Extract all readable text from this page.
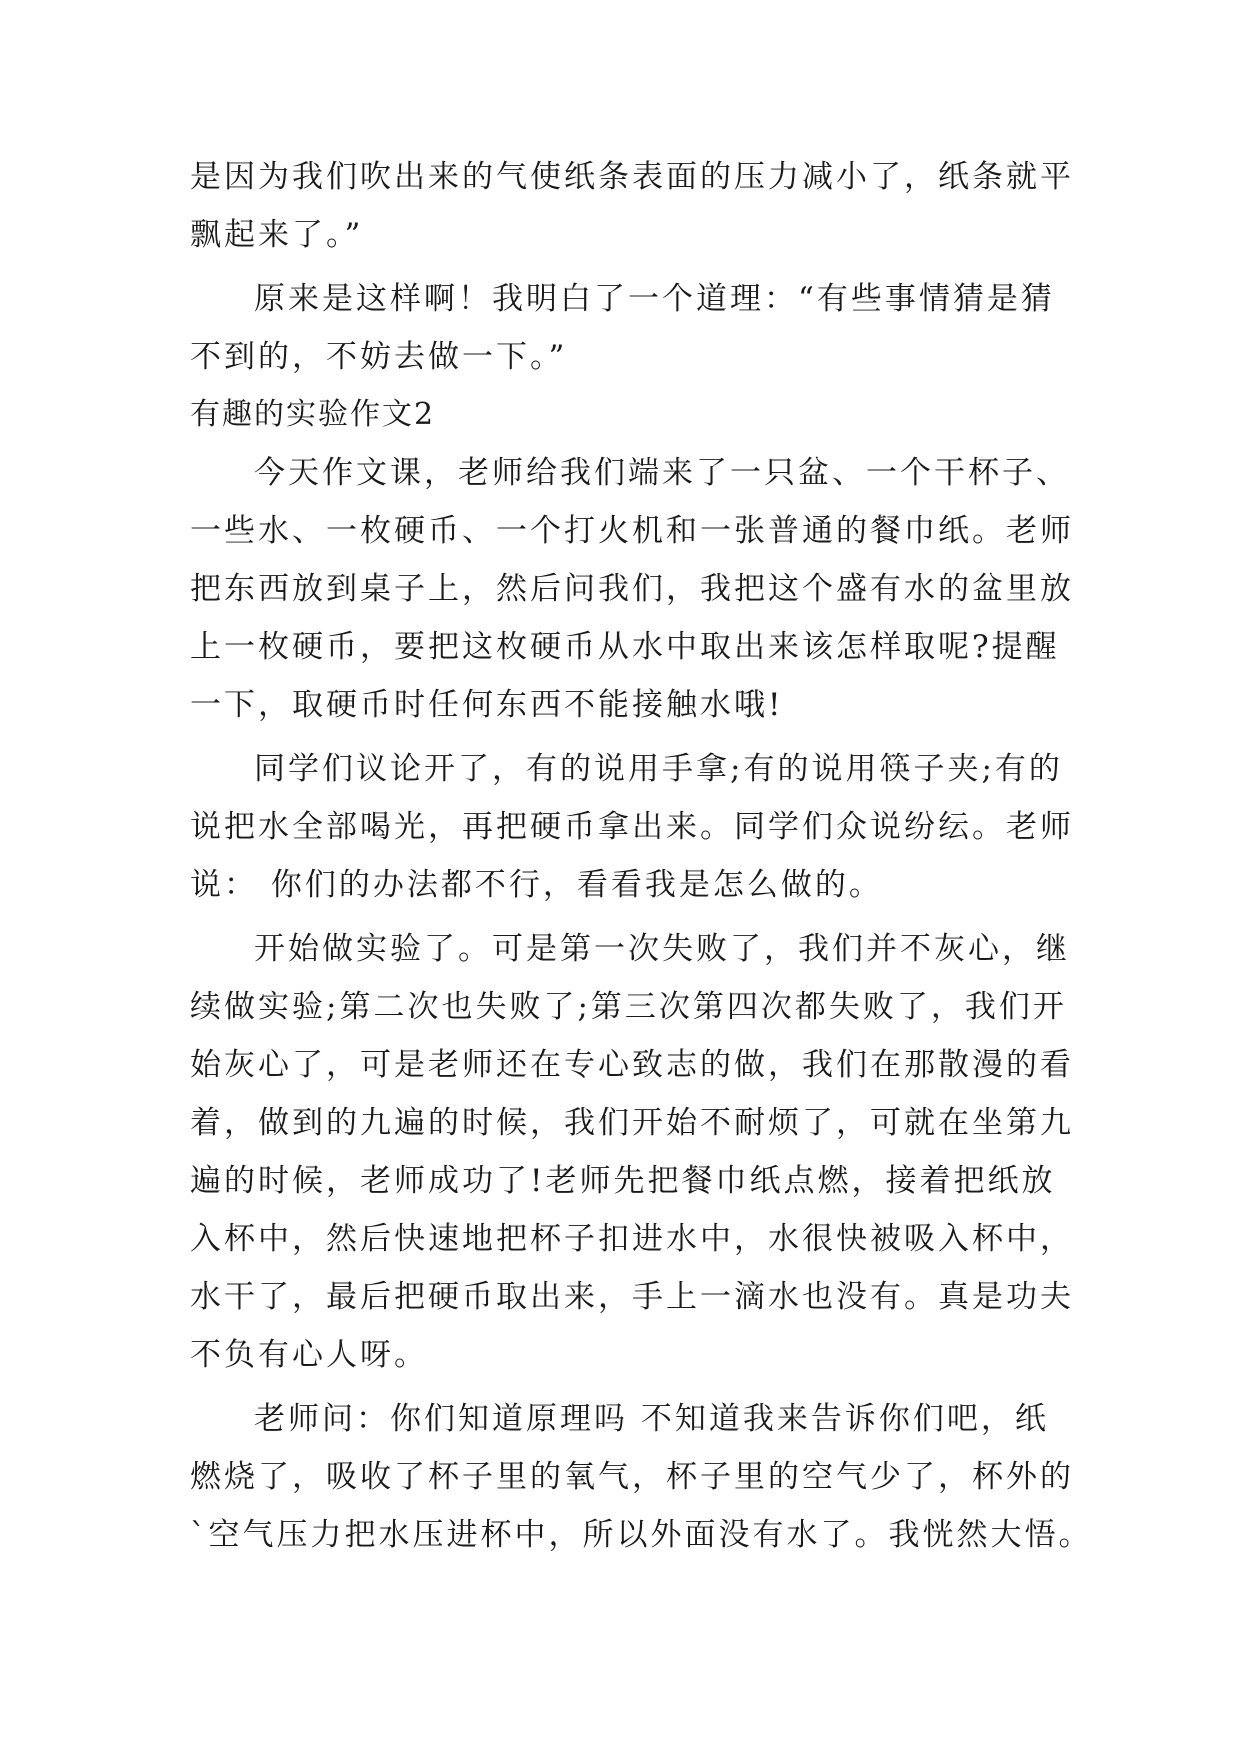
是因为我们吹出来的气使纸条表面的压力减小了，纸条就平
飘起来了。”
原来是这样啊！我明白了一个道理：“有些事情猜是猜
不到的，不妨去做一下。”
有趣的实验作文2
今天作文课，老师给我们端来了一只盆、一个干杯子、
一些水、一枚硬币、一个打火机和一张普通的餐巾纸。老师
把东西放到桌子上，然后问我们，我把这个盛有水的盆里放
上一枚硬币，要把这枚硬币从水中取出来该怎样取呢?提醒
一下，取硬币时任何东西不能接触水哦!
同学们议论开了，有的说用手拿;有的说用筷子夹;有的
说把水全部喝光，再把硬币拿出来。同学们众说纷纭。老师
说： 你们的办法都不行，看看我是怎么做的。
开始做实验了。可是第一次失败了，我们并不灰心，继
续做实验;第二次也失败了;第三次第四次都失败了，我们开
始灰心了，可是老师还在专心致志的做，我们在那散漫的看
着，做到的九遍的时候，我们开始不耐烦了，可就在坐第九
遍的时候，老师成功了!老师先把餐巾纸点燃，接着把纸放
入杯中，然后快速地把杯子扣进水中，水很快被吸入杯中，
水干了，最后把硬币取出来，手上一滴水也没有。真是功夫
不负有心人呀。
老师问：你们知道原理吗 不知道我来告诉你们吧，纸
燃烧了，吸收了杯子里的氧气，杯子里的空气少了，杯外的
`空气压力把水压进杯中，所以外面没有水了。我恍然大悟。
